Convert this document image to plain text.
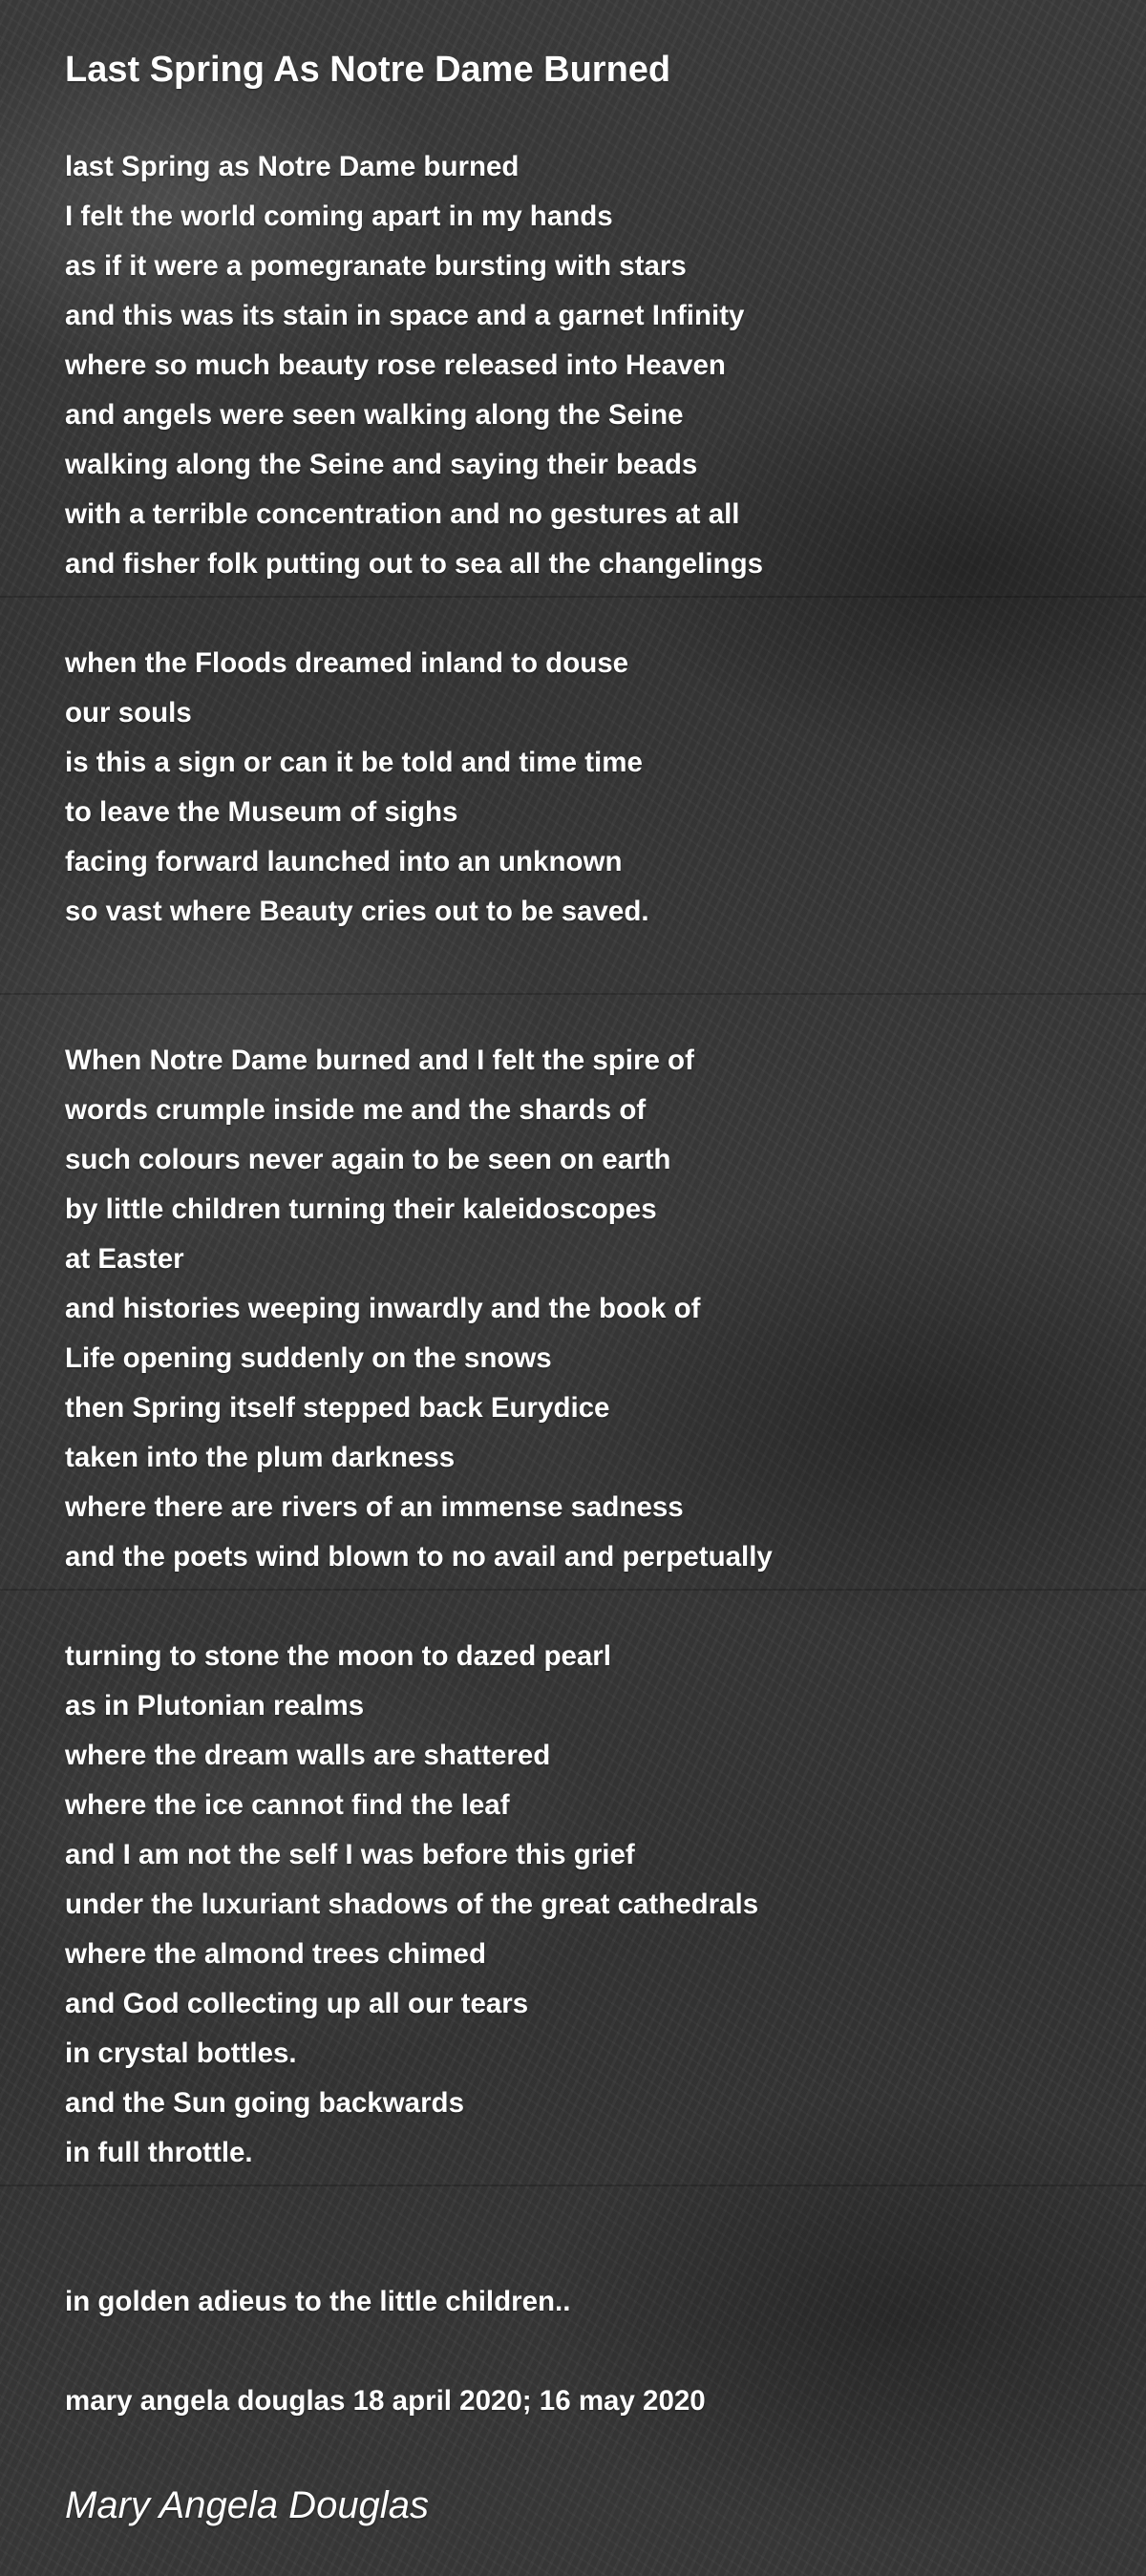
Last Spring As Notre Dame Burned

last Spring as Notre Dame burned

I felt the world coming apart in my hands

as if it were a pomegranate bursting with stars

and this was its stain in space and a garnet Infinity

where so much beauty rose released into Heaven

and angels were seen walking along the Seine

walking along the Seine and saying their beads

with a terrible concentration and no gestures at all

and fisher folk putting out to sea all the changelings

when the Floods dreamed inland to douse

our souls

is this a sign or can it be told and time time

to leave the Museum of sighs

facing forward launched into an unknown

so vast where Beauty cries out to be saved.

When Notre Dame burned and I felt the spire of

words crumple inside me and the shards of

such colours never again to be seen on earth

by little children turning their kaleidoscopes

at Easter

and histories weeping inwardly and the book of

Life opening suddenly on the snows

then Spring itself stepped back Eurydice

taken into the plum darkness

where there are rivers of an immense sadness

and the poets wind blown to no avail and perpetually

turning to stone the moon to dazed pearl

as in Plutonian realms

where the dream walls are shattered

where the ice cannot find the leaf

and I am not the self I was before this grief

under the luxuriant shadows of the great cathedrals

where the almond trees chimed

and God collecting up all our tears

in crystal bottles.

and the Sun going backwards

in full throttle.

in golden adieus to the little children..

mary angela douglas 18 april 2020; 16 may 2020

Mary Angela Douglas
